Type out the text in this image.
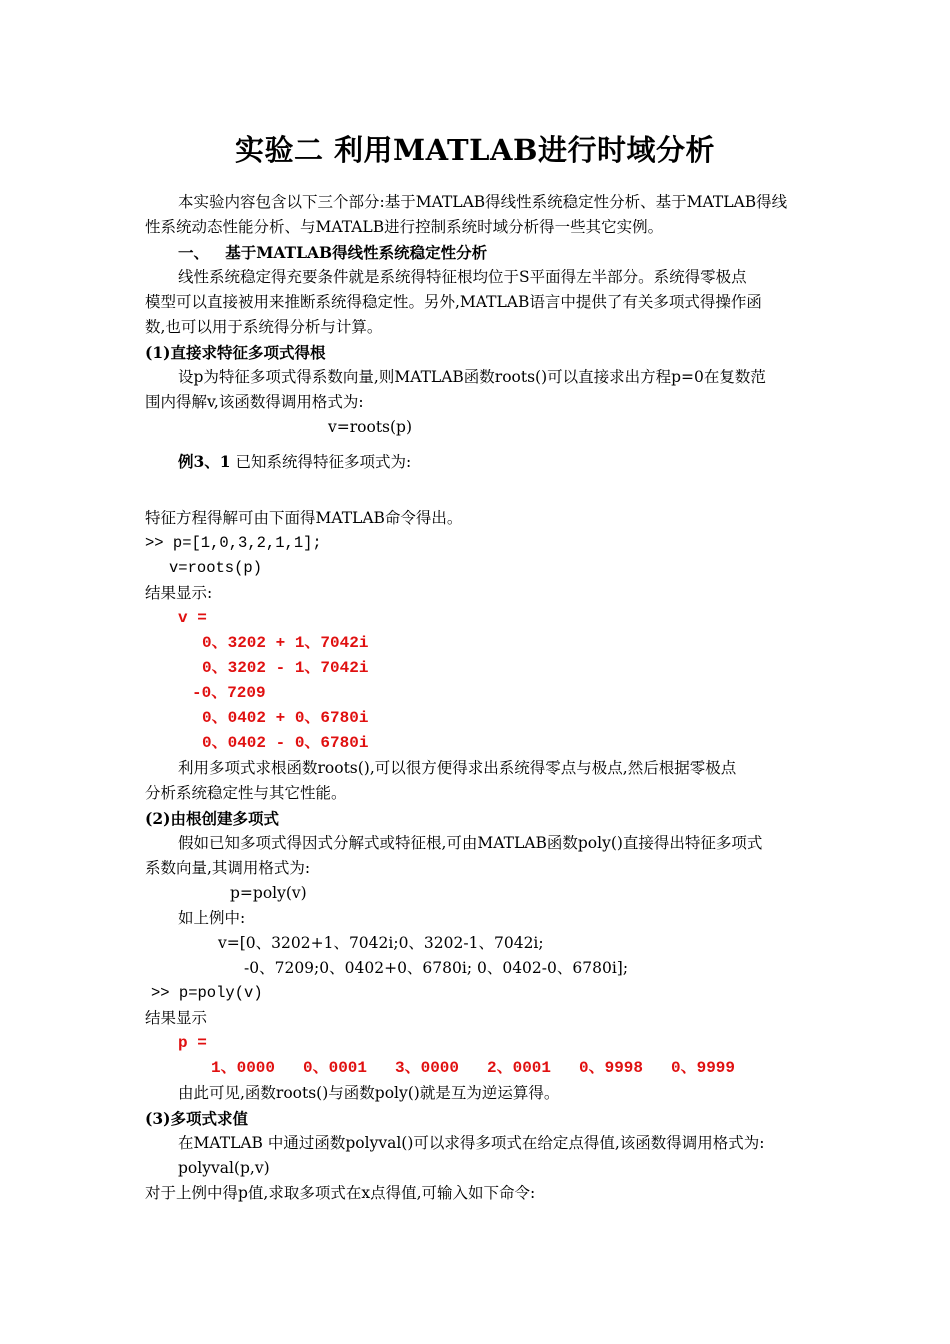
实验二 利用MATLAB进行时域分析
本实验内容包含以下三个部分:基于MATLAB得线性系统稳定性分析、基于MATLAB得线
性系统动态性能分析、与MATALB进行控制系统时域分析得一些其它实例。
一、 基于MATLAB得线性系统稳定性分析
线性系统稳定得充要条件就是系统得特征根均位于S平面得左半部分。系统得零极点
模型可以直接被用来推断系统得稳定性。另外,MATLAB语言中提供了有关多项式得操作函
数,也可以用于系统得分析与计算。
(1)直接求特征多项式得根
设p为特征多项式得系数向量,则MATLAB函数roots()可以直接求出方程p=0在复数范
围内得解v,该函数得调用格式为:
v=roots(p)
例3、1 已知系统得特征多项式为:
特征方程得解可由下面得MATLAB命令得出。
>> p=[1,0,3,2,1,1];
v=roots(p)
结果显示:
v =
0、3202 + 1、7042i
0、3202 - 1、7042i
-0、7209
0、0402 + 0、6780i
0、0402 - 0、6780i
利用多项式求根函数roots(),可以很方便得求出系统得零点与极点,然后根据零极点
分析系统稳定性与其它性能。
(2)由根创建多项式
假如已知多项式得因式分解式或特征根,可由MATLAB函数poly()直接得出特征多项式
系数向量,其调用格式为:
p=poly(v)
如上例中:
v=[0、3202+1、7042i;0、3202-1、7042i;
-0、7209;0、0402+0、6780i; 0、0402-0、6780i];
>> p=poly(v)
结果显示
p =
1、0000 0、0001 3、0000 2、0001 0、9998 0、9999
由此可见,函数roots()与函数poly()就是互为逆运算得。
(3)多项式求值
在MATLAB 中通过函数polyval()可以求得多项式在给定点得值,该函数得调用格式为:
polyval(p,v)
对于上例中得p值,求取多项式在x点得值,可输入如下命令:
